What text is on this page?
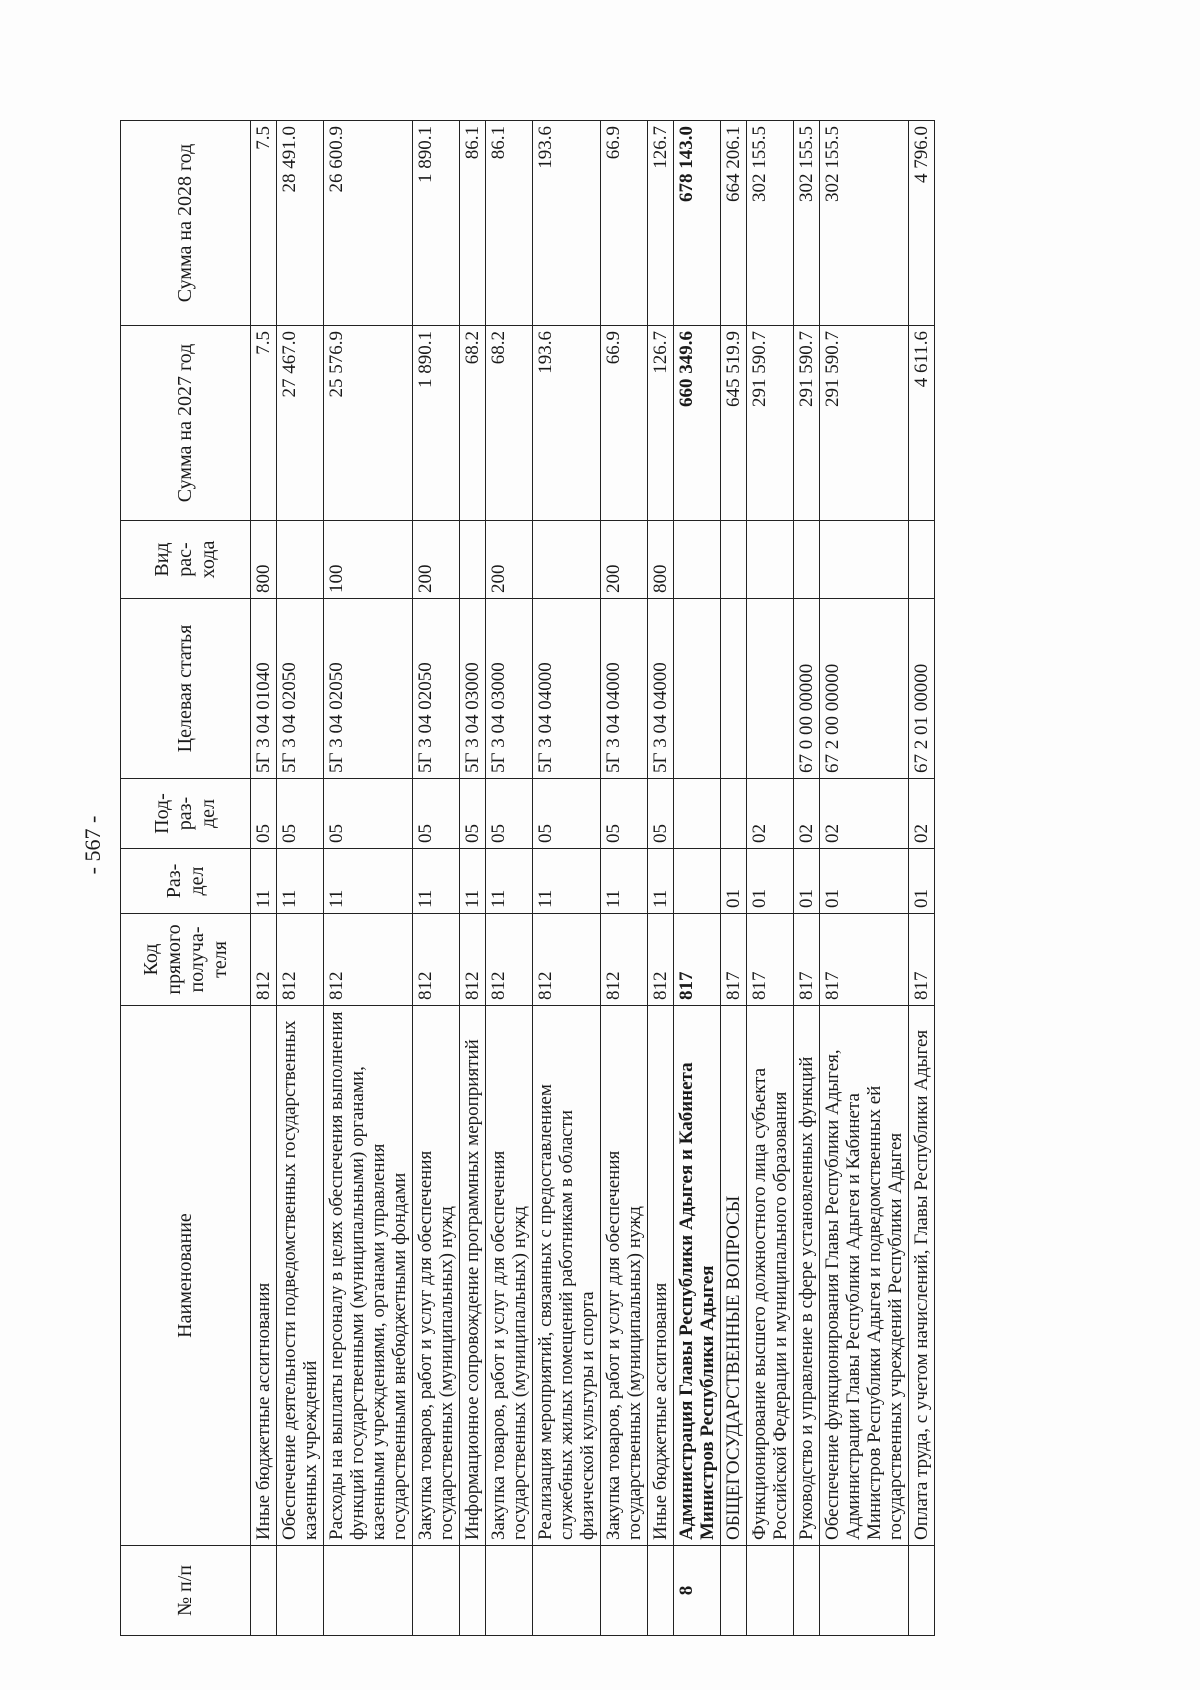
- 567 -
№ п/п	Наименование	Код прямого получа-теля	Раз-дел	Под-раз-дел	Целевая статья	Вид рас-хода	Сумма на 2027 год	Сумма на 2028 год
	Иные бюджетные ассигнования	812	11	05	5Г 3 04 01040	800	7.5	7.5
	Обеспечение деятельности подведомственных государственных казенных учреждений	812	11	05	5Г 3 04 02050		27 467.0	28 491.0
	Расходы на выплаты персоналу в целях обеспечения выполнения функций государственными (муниципальными) органами, казенными учреждениями, органами управления государственными внебюджетными фондами	812	11	05	5Г 3 04 02050	100	25 576.9	26 600.9
	Закупка товаров, работ и услуг для обеспечения государственных (муниципальных) нужд	812	11	05	5Г 3 04 02050	200	1 890.1	1 890.1
	Информационное сопровождение программных мероприятий	812	11	05	5Г 3 04 03000		68.2	86.1
	Закупка товаров, работ и услуг для обеспечения государственных (муниципальных) нужд	812	11	05	5Г 3 04 03000	200	68.2	86.1
	Реализация мероприятий, связанных с предоставлением служебных жилых помещений работникам в области физической культуры и спорта	812	11	05	5Г 3 04 04000		193.6	193.6
	Закупка товаров, работ и услуг для обеспечения государственных (муниципальных) нужд	812	11	05	5Г 3 04 04000	200	66.9	66.9
	Иные бюджетные ассигнования	812	11	05	5Г 3 04 04000	800	126.7	126.7
8	Администрация Главы Республики Адыгея и Кабинета Министров Республики Адыгея	817					660 349.6	678 143.0
	ОБЩЕГОСУДАРСТВЕННЫЕ ВОПРОСЫ	817	01				645 519.9	664 206.1
	Функционирование высшего должностного лица субъекта Российской Федерации и муниципального образования	817	01	02			291 590.7	302 155.5
	Руководство и управление в сфере установленных функций	817	01	02	67 0 00 00000		291 590.7	302 155.5
	Обеспечение функционирования Главы Республики Адыгея, Администрации Главы Республики Адыгея и Кабинета Министров Республики Адыгея и подведомственных ей государственных учреждений Республики Адыгея	817	01	02	67 2 00 00000		291 590.7	302 155.5
	Оплата труда, с учетом начислений, Главы Республики Адыгея	817	01	02	67 2 01 00000		4 611.6	4 796.0
